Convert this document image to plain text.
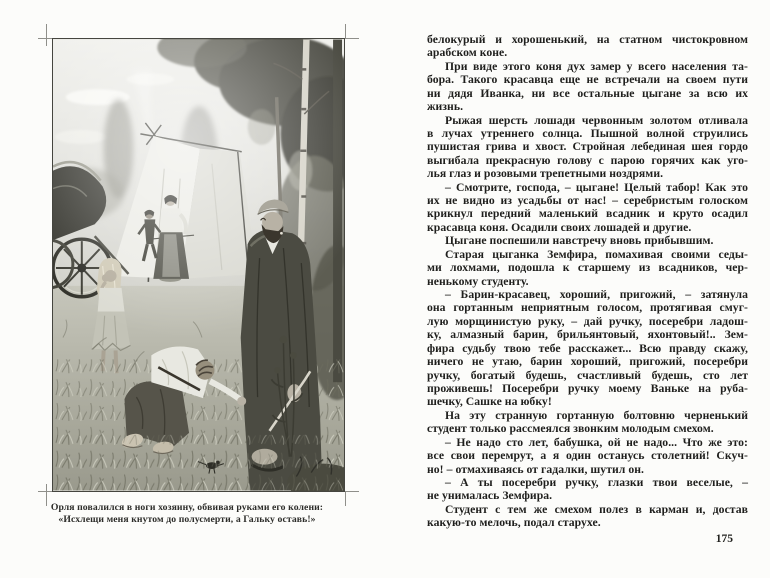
Орля повалился в ноги хозяину, обвивая руками его колени:
«Исхлещи меня кнутом до полусмерти, а Гальку оставь!»
белокурый и хорошенький, на статном чистокровном
арабском коне.
При виде этого коня дух замер у всего населения та-
бора. Такого красавца еще не встречали на своем пути
ни дядя Иванка, ни все остальные цыгане за всю их
жизнь.
Рыжая шерсть лошади червонным золотом отливала
в лучах утреннего солнца. Пышной волной струились
пушистая грива и хвост. Стройная лебединая шея гордо
выгибала прекрасную голову с парою горячих как уго-
лья глаз и розовыми трепетными ноздрями.
– Смотрите, господа, – цыгане! Целый табор! Как это
их не видно из усадьбы от нас! – серебристым голоском
крикнул передний маленький всадник и круто осадил
красавца коня. Осадили своих лошадей и другие.
Цыгане поспешили навстречу вновь прибывшим.
Старая цыганка Земфира, помахивая своими седы-
ми лохмами, подошла к старшему из всадников, чер-
ненькому студенту.
– Барин-красавец, хороший, пригожий, – затянула
она гортанным неприятным голосом, протягивая смуг-
лую морщинистую руку, – дай ручку, посеребри ладош-
ку, алмазный барин, брильянтовый, яхонтовый!.. Зем-
фира судьбу твою тебе расскажет... Всю правду скажу,
ничего не утаю, барин хороший, пригожий, посеребри
ручку, богатый будешь, счастливый будешь, сто лет
проживешь! Посеребри ручку моему Ваньке на руба-
шечку, Сашке на юбку!
На эту странную гортанную болтовню черненький
студент только рассмеялся звонким молодым смехом.
– Не надо сто лет, бабушка, ой не надо... Что же это:
все свои перемрут, а я один останусь столетний! Скуч-
но! – отмахиваясь от гадалки, шутил он.
– А ты посеребри ручку, глазки твои веселые, –
не унималась Земфира.
Студент с тем же смехом полез в карман и, достав
какую-то мелочь, подал старухе.
175
